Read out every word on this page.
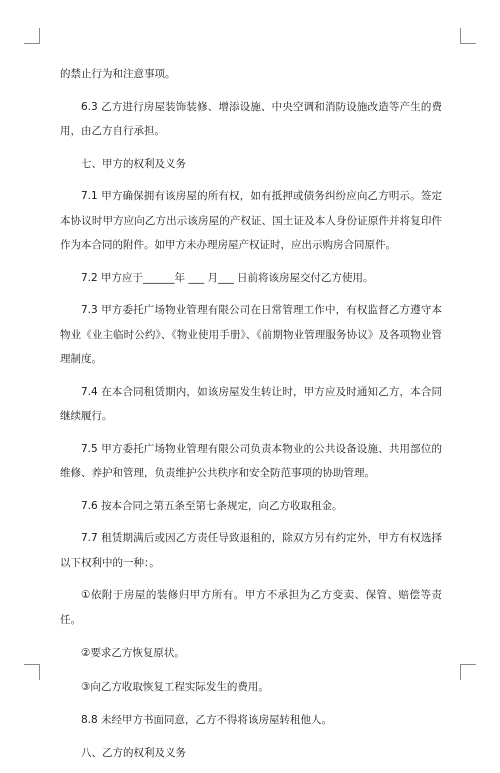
的禁止行为和注意事项。

6.3 乙方进行房屋装饰装修、增添设施、中央空调和消防设施改造等产生的费用，由乙方自行承担。

七、甲方的权利及义务

7.1 甲方确保拥有该房屋的所有权，如有抵押或债务纠纷应向乙方明示。签定本协议时甲方应向乙方出示该房屋的产权证、国土证及本人身份证原件并将复印件作为本合同的附件。如甲方未办理房屋产权证时，应出示购房合同原件。

7.2 甲方应于______年 ___ 月___ 日前将该房屋交付乙方使用。

7.3 甲方委托广场物业管理有限公司在日常管理工作中，有权监督乙方遵守本物业《业主临时公约》、《物业使用手册》、《前期物业管理服务协议》及各项物业管理制度。

7.4 在本合同租赁期内，如该房屋发生转让时，甲方应及时通知乙方，本合同继续履行。

7.5 甲方委托广场物业管理有限公司负责本物业的公共设备设施、共用部位的维修、养护和管理，负责维护公共秩序和安全防范事项的协助管理。

7.6 按本合同之第五条至第七条规定，向乙方收取租金。

7.7 租赁期满后或因乙方责任导致退租的，除双方另有约定外，甲方有权选择以下权利中的一种：。

①依附于房屋的装修归甲方所有。甲方不承担为乙方变卖、保管、赔偿等责任。

②要求乙方恢复原状。

③向乙方收取恢复工程实际发生的费用。

8.8 未经甲方书面同意，乙方不得将该房屋转租他人。

八、乙方的权利及义务
